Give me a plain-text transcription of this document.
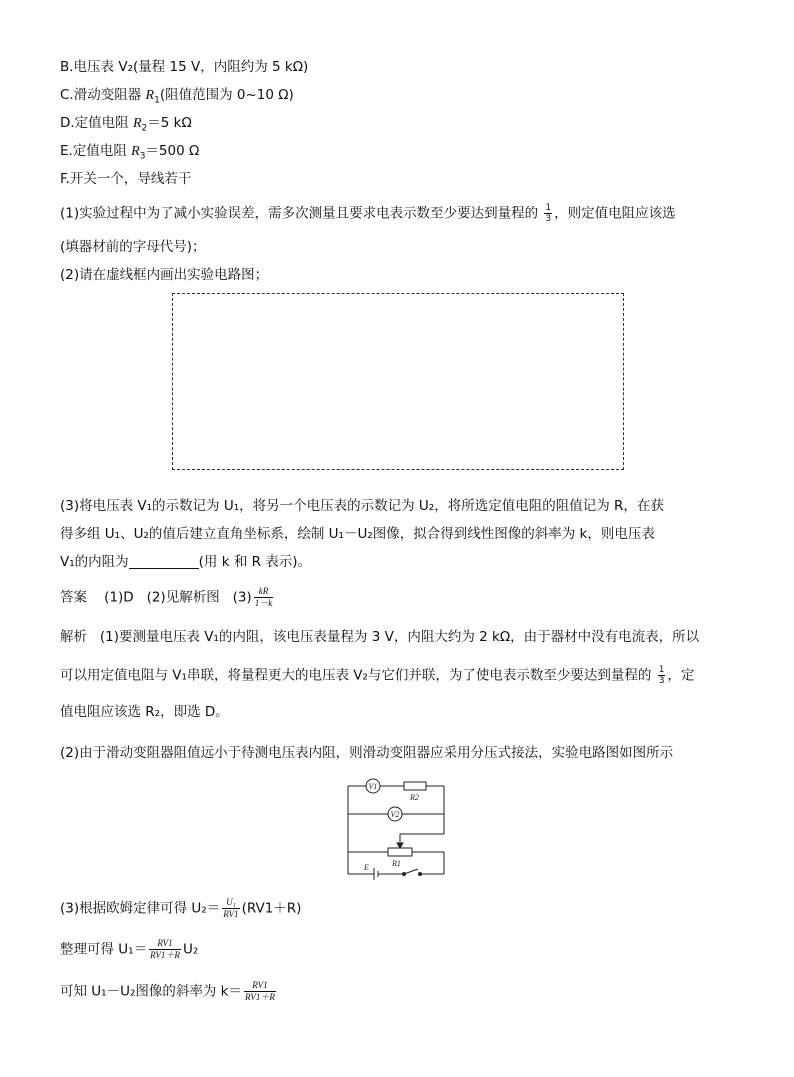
B.电压表 V₂(量程 15 V，内阻约为 5 kΩ)
C.滑动变阻器 $R_1$(阻值范围为 0~10 Ω)
D.定值电阻 $R_2=5$ kΩ
E.定值电阻 $R_3=500$ Ω
F.开关一个，导线若干
(1)实验过程中为了减小实验误差，需多次测量且要求电表示数至少要达到量程的 $\frac{1}{3}$ ，则定值电阻应该选
(填器材前的字母代号)；
(2)请在虚线框内画出实验电路图；
(3)将电压表 V₁的示数记为 U₁，将另一个电压表的示数记为 U₂，将所选定值电阻的阻值记为 R，在获
得多组 U₁、U₂的值后建立直角坐标系，绘制 U₁－U₂图像，拟合得到线性图像的斜率为 k，则电压表
V₁的内阻为	(用 k 和 R 表示)。
答案 (1)D (2)见解析图 $(3) \frac{kR}{1-k}$
解析 (1)要测量电压表 V₁的内阻，该电压表量程为 3 V，内阻大约为 2 kΩ，由于器材中没有电流表，所以
可以用定值电阻与 V₁串联，将量程更大的电压表 V₂与它们并联，为了使电表示数至少要达到量程的 $\frac{1}{3}$ ，定
值电阻应该选 R₂，即选 D。
(2)由于滑动变阻器阻值远小于待测电压表内阻，则滑动变阻器应采用分压式接法，实验电路图如图所示
V1
V2
R2
R1
E
(3)根据欧姆定律可得 $U_2= \frac{\text{U₁}}{RV1} (RV1+R)$
整理可得 $U_1= \frac{RV1}{RV1+R} U_2$
可知 U₁－U₂图像的斜率为 $k= \frac{RV1}{RV1+R}$
